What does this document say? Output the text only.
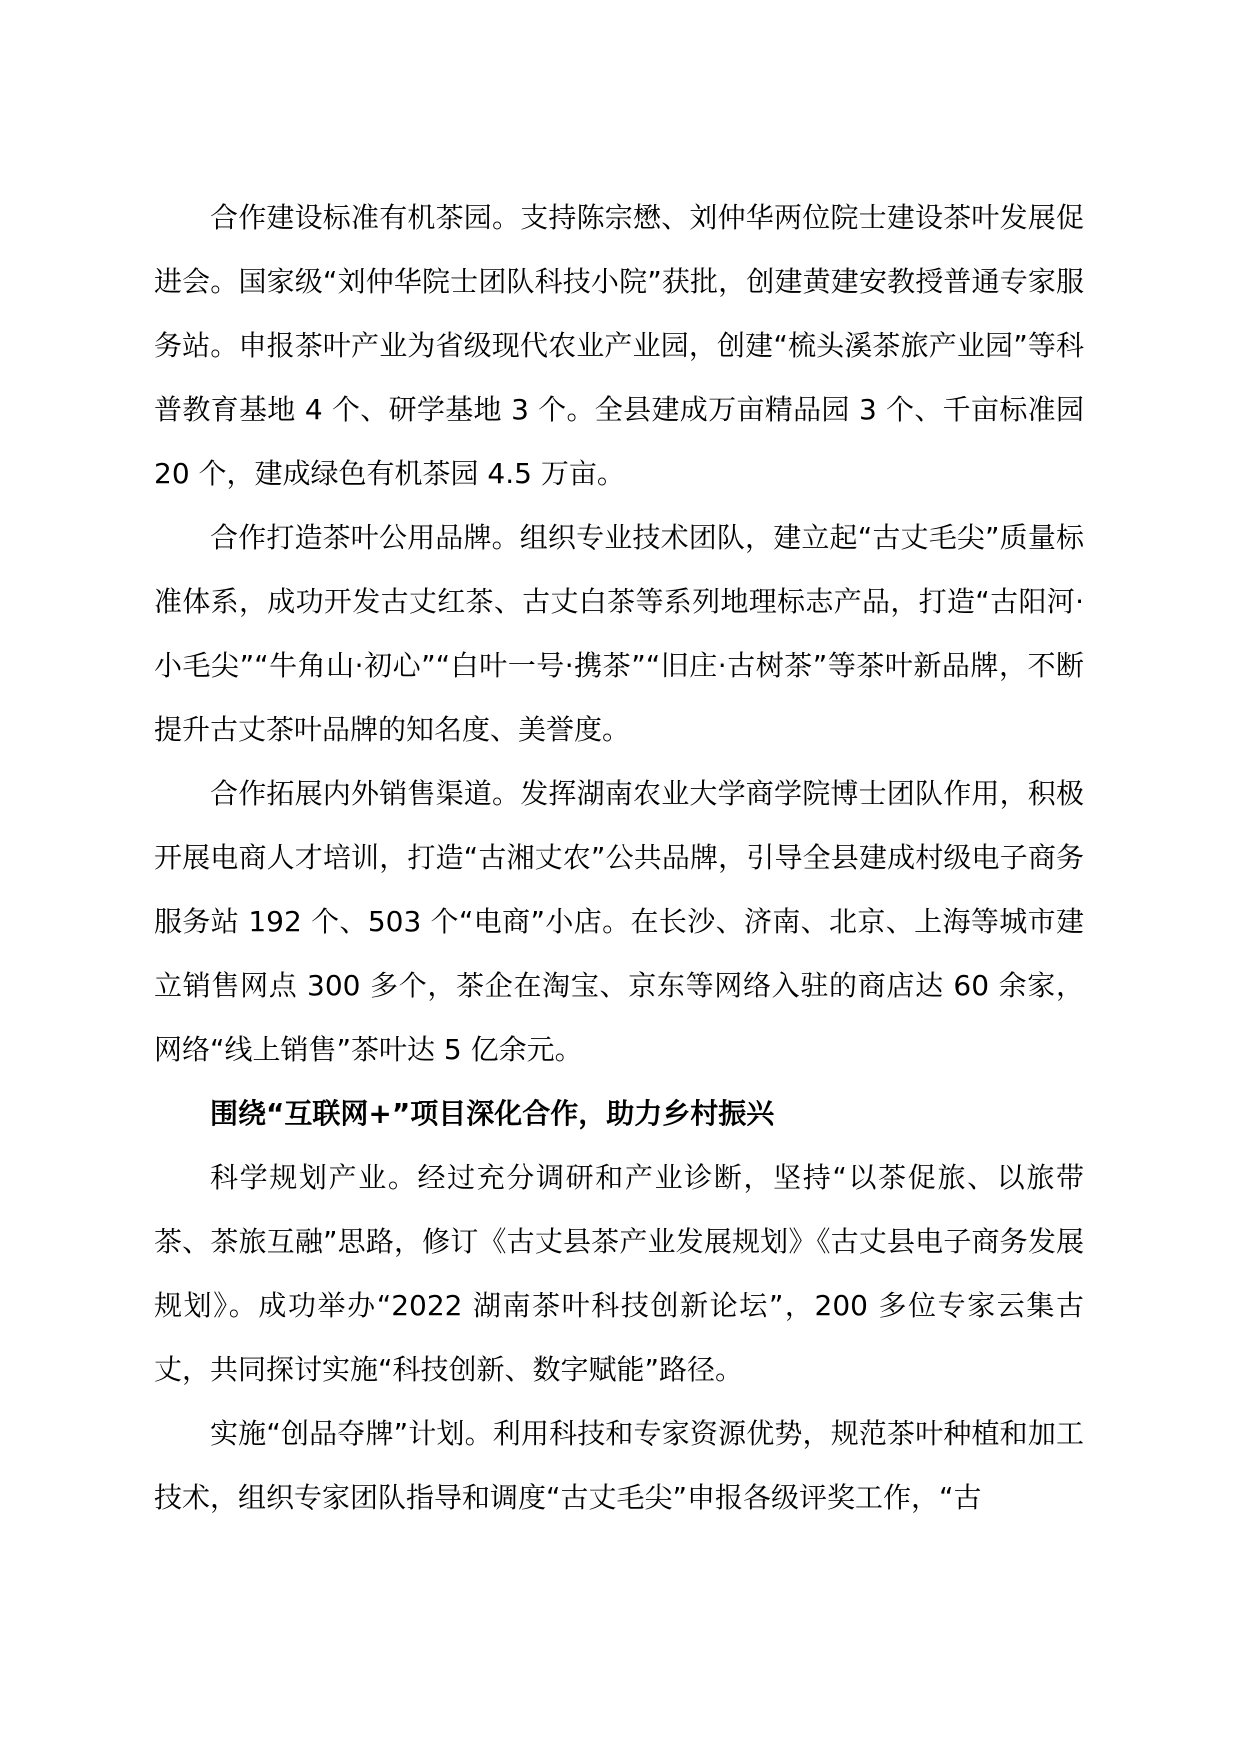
合作建设标准有机茶园。支持陈宗懋、刘仲华两位院士建设茶叶发展促进会。国家级“刘仲华院士团队科技小院”获批，创建黄建安教授普通专家服务站。申报茶叶产业为省级现代农业产业园，创建“梳头溪茶旅产业园”等科普教育基地 4 个、研学基地 3 个。全县建成万亩精品园 3 个、千亩标准园 20 个，建成绿色有机茶园 4.5 万亩。

合作打造茶叶公用品牌。组织专业技术团队，建立起“古丈毛尖”质量标准体系，成功开发古丈红茶、古丈白茶等系列地理标志产品，打造“古阳河·小毛尖”“牛角山·初心”“白叶一号·携茶”“旧庄·古树茶”等茶叶新品牌，不断提升古丈茶叶品牌的知名度、美誉度。

合作拓展内外销售渠道。发挥湖南农业大学商学院博士团队作用，积极开展电商人才培训，打造“古湘丈农”公共品牌，引导全县建成村级电子商务服务站 192 个、503 个“电商”小店。在长沙、济南、北京、上海等城市建立销售网点 300 多个，茶企在淘宝、京东等网络入驻的商店达 60 余家，网络“线上销售”茶叶达 5 亿余元。

围绕“互联网+”项目深化合作，助力乡村振兴

科学规划产业。经过充分调研和产业诊断，坚持“以茶促旅、以旅带茶、茶旅互融”思路，修订《古丈县茶产业发展规划》《古丈县电子商务发展规划》。成功举办“2022 湖南茶叶科技创新论坛”，200 多位专家云集古丈，共同探讨实施“科技创新、数字赋能”路径。

实施“创品夺牌”计划。利用科技和专家资源优势，规范茶叶种植和加工技术，组织专家团队指导和调度“古丈毛尖”申报各级评奖工作，“古
